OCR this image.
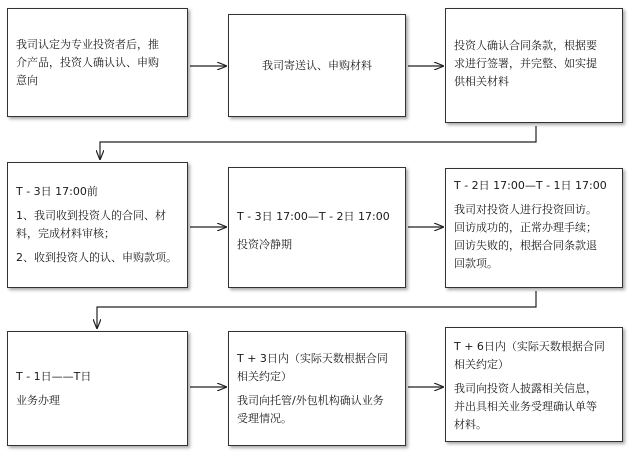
我司认定为专业投资者后，推

介产品，投资人确认认、申购

意向

我司寄送认、申购材料

投资人确认合同条款，根据要

求进行签署，并完整、如实提

供相关材料

T - 3日 17:00前

1、我司收到投资人的合同、材

料，完成材料审核；

2、收到投资人的认、申购款项。

T - 3日 17:00—T - 2日 17:00

投资冷静期

T - 2日 17:00—T - 1日 17:00

我司对投资人进行投资回访。

回访成功的，正常办理手续；

回访失败的，根据合同条款退

回款项。

T - 1日——T日

业务办理

T + 3日内（实际天数根据合同

相关约定）

我司向托管/外包机构确认业务

受理情况。

T + 6日内（实际天数根据合同

相关约定）

我司向投资人披露相关信息，

并出具相关业务受理确认单等

材料。
